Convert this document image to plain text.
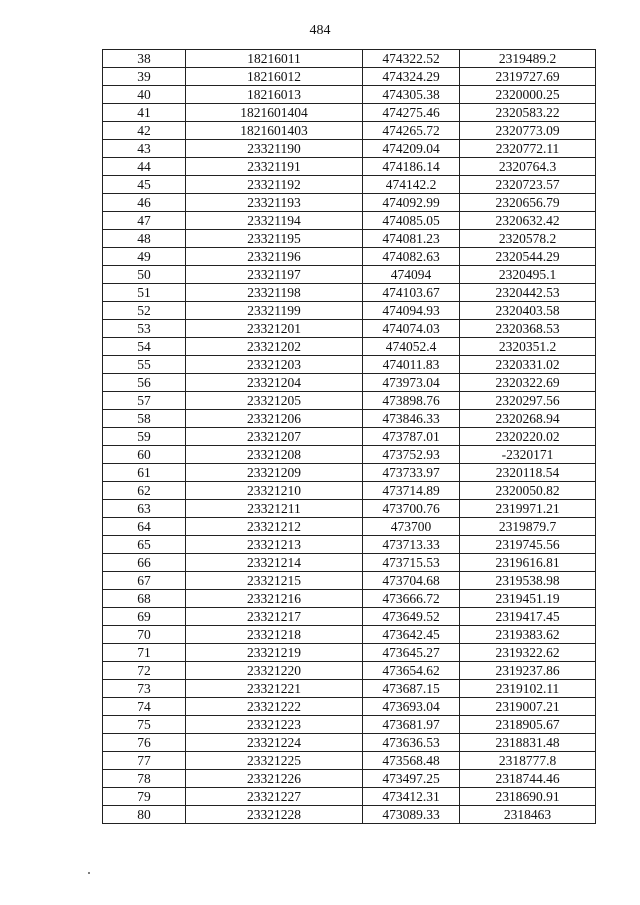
484
38	18216011	474322.52	2319489.2
39	18216012	474324.29	2319727.69
40	18216013	474305.38	2320000.25
41	1821601404	474275.46	2320583.22
42	1821601403	474265.72	2320773.09
43	23321190	474209.04	2320772.11
44	23321191	474186.14	2320764.3
45	23321192	474142.2	2320723.57
46	23321193	474092.99	2320656.79
47	23321194	474085.05	2320632.42
48	23321195	474081.23	2320578.2
49	23321196	474082.63	2320544.29
50	23321197	474094	2320495.1
51	23321198	474103.67	2320442.53
52	23321199	474094.93	2320403.58
53	23321201	474074.03	2320368.53
54	23321202	474052.4	2320351.2
55	23321203	474011.83	2320331.02
56	23321204	473973.04	2320322.69
57	23321205	473898.76	2320297.56
58	23321206	473846.33	2320268.94
59	23321207	473787.01	2320220.02
60	23321208	473752.93	-2320171
61	23321209	473733.97	2320118.54
62	23321210	473714.89	2320050.82
63	23321211	473700.76	2319971.21
64	23321212	473700	2319879.7
65	23321213	473713.33	2319745.56
66	23321214	473715.53	2319616.81
67	23321215	473704.68	2319538.98
68	23321216	473666.72	2319451.19
69	23321217	473649.52	2319417.45
70	23321218	473642.45	2319383.62
71	23321219	473645.27	2319322.62
72	23321220	473654.62	2319237.86
73	23321221	473687.15	2319102.11
74	23321222	473693.04	2319007.21
75	23321223	473681.97	2318905.67
76	23321224	473636.53	2318831.48
77	23321225	473568.48	2318777.8
78	23321226	473497.25	2318744.46
79	23321227	473412.31	2318690.91
80	23321228	473089.33	2318463
